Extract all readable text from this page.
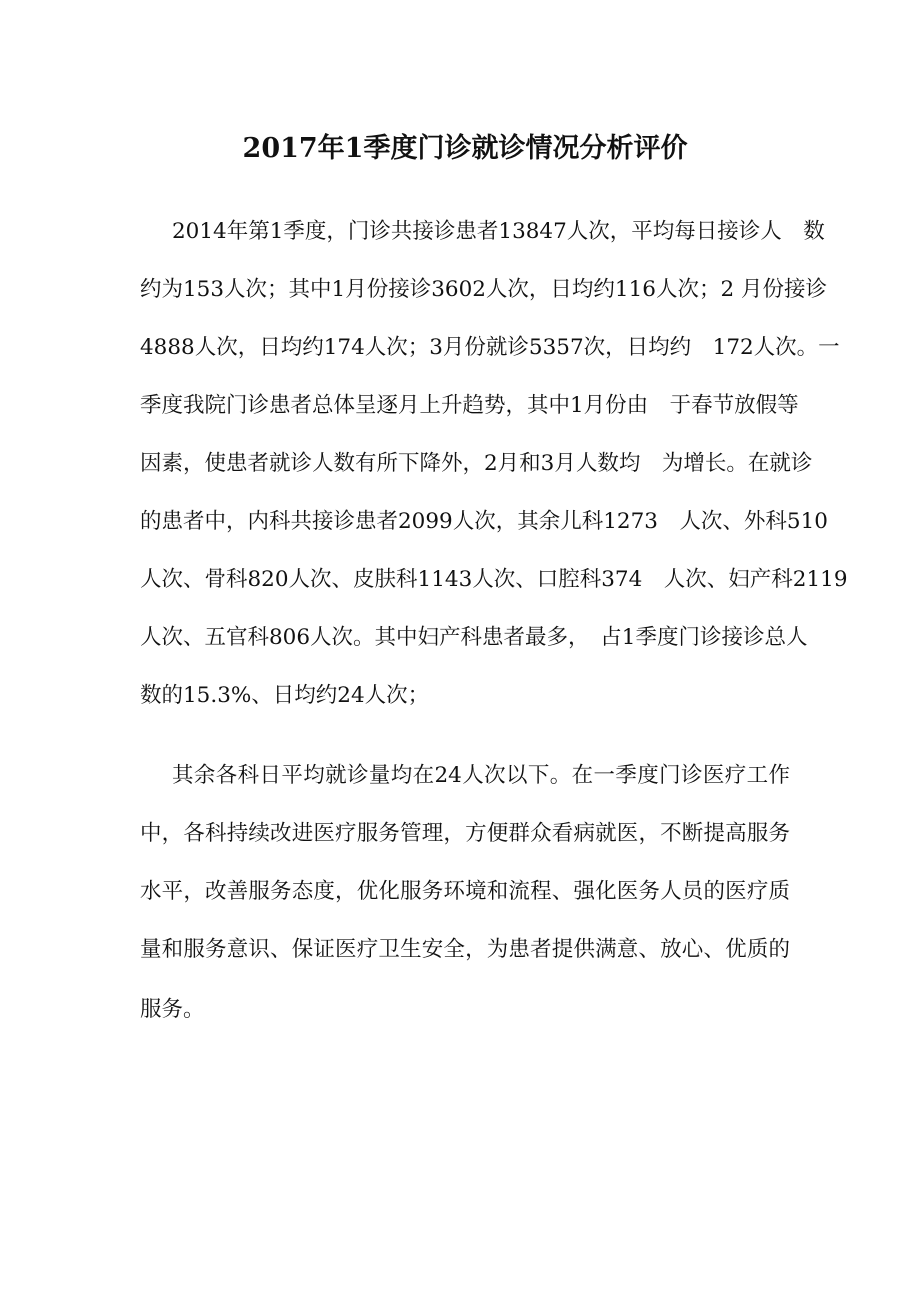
2017年1季度门诊就诊情况分析评价
2014年第1季度，门诊共接诊患者13847人次，平均每日接诊人　数
约为153人次；其中1月份接诊3602人次，日均约116人次；2 月份接诊
4888人次，日均约174人次；3月份就诊5357次，日均约　172人次。一
季度我院门诊患者总体呈逐月上升趋势，其中1月份由　于春节放假等
因素，使患者就诊人数有所下降外，2月和3月人数均　为增长。在就诊
的患者中，内科共接诊患者2099人次，其余儿科1273　人次、外科510
人次、骨科820人次、皮肤科1143人次、口腔科374　人次、妇产科2119
人次、五官科806人次。其中妇产科患者最多，　占1季度门诊接诊总人
数的15.3%、日均约24人次；
其余各科日平均就诊量均在24人次以下。在一季度门诊医疗工作
中，各科持续改进医疗服务管理，方便群众看病就医，不断提高服务
水平，改善服务态度，优化服务环境和流程、强化医务人员的医疗质
量和服务意识、保证医疗卫生安全，为患者提供满意、放心、优质的
服务。
